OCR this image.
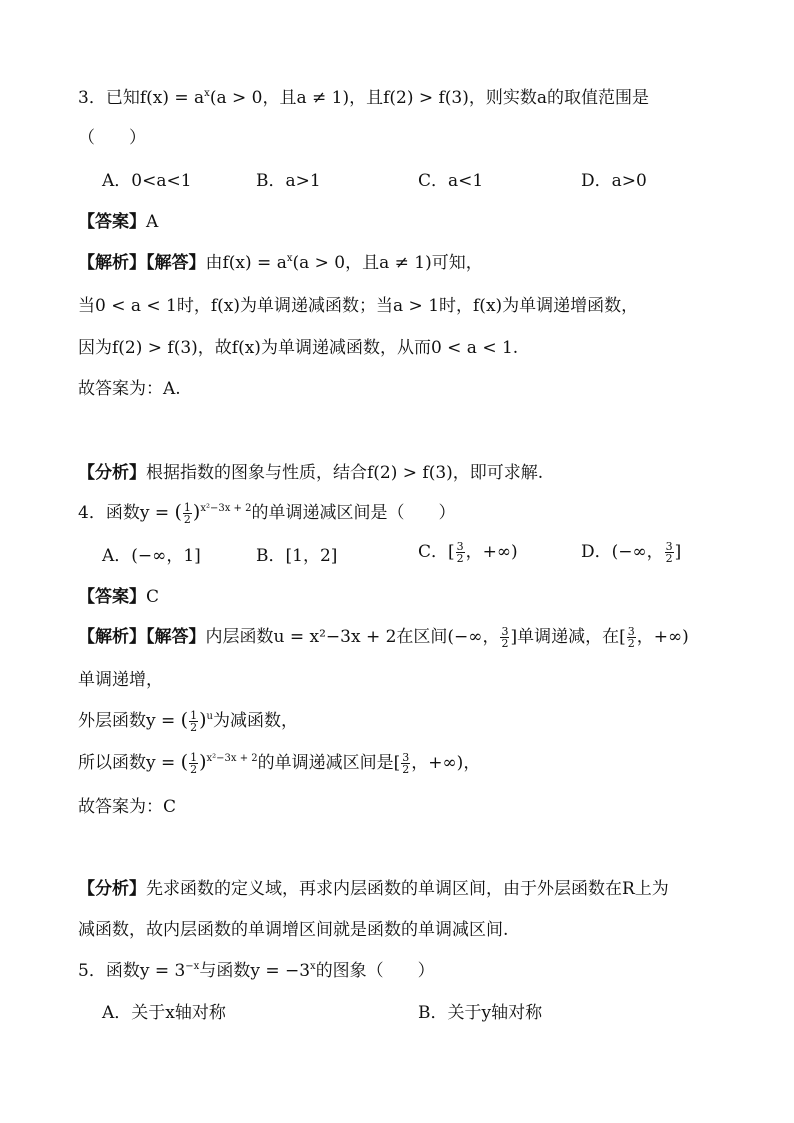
3．已知$f(x) = a^x(a > 0$，且a ≠ 1)，且f(2) > f(3)，则实数a的取值范围是
（　　）
A．0<a<1	B．a>1	C．a<1	D．a>0
【答案】A
【解析】【解答】由$f(x) = a^x(a > 0$，且a ≠ 1)可知，
当0 < a < 1时，f(x)为单调递减函数；当a > 1时，f(x)为单调递增函数，
因为f(2) > f(3)，故f(x)为单调递减函数，从而0 < a < 1.
故答案为：A.
【分析】根据指数的图象与性质，结合f(2) > f(3)，即可求解.
4．函数y = ( $\frac{1}{2} )^{x^2-3x + 2}$的单调递减区间是（　　）
A．(−∞，1]	B．[1，2]	C．[ $\frac{3}{2}$ ，+∞)	D．(−∞， $\frac{3}{2}$ ]
【答案】C
【解析】【解答】内层函数u = x²−3x + 2在区间(−∞， $\frac{3}{2}$ ]单调递减，在[ $\frac{3}{2}$ ，+∞)
单调递增，
外层函数y = ( $\frac{1}{2} )^u$为减函数，
所以函数y = ( $\frac{1}{2} )^{x^2-3x + 2}$的单调递减区间是[ $\frac{3}{2}$ ，+∞)，
故答案为：C
【分析】先求函数的定义域，再求内层函数的单调区间，由于外层函数在R上为
减函数，故内层函数的单调增区间就是函数的单调减区间.
5．函数$y = 3^{-x}$与函数$y = -3^x$的图象（　　）
A．关于x轴对称	B．关于y轴对称
